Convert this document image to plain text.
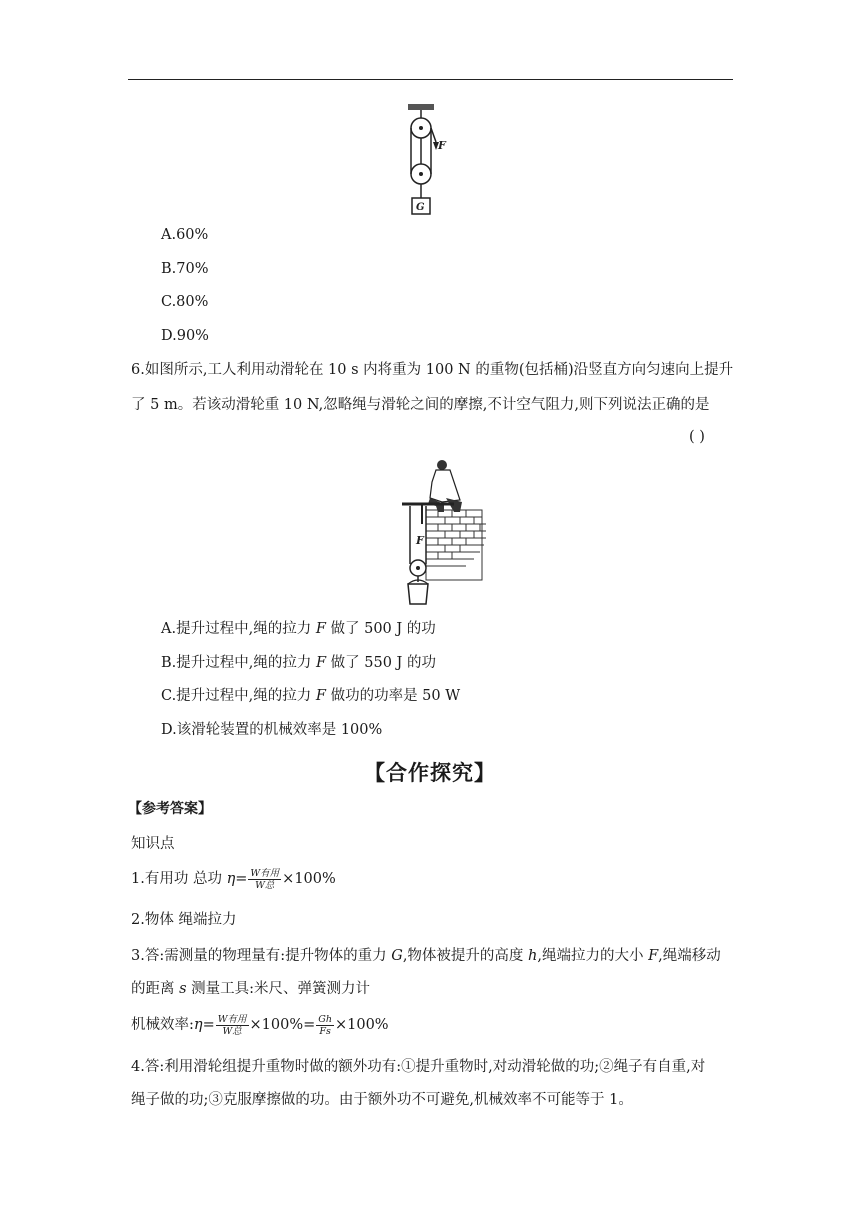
F
G
A.60%
B.70%
C.80%
D.90%
6.如图所示,工人利用动滑轮在 10 s 内将重为 100 N 的重物(包括桶)沿竖直方向匀速向上提升
了 5 m。若该动滑轮重 10 N,忽略绳与滑轮之间的摩擦,不计空气阻力,则下列说法正确的是
( )
F
A.提升过程中,绳的拉力 F 做了 500 J 的功
B.提升过程中,绳的拉力 F 做了 550 J 的功
C.提升过程中,绳的拉力 F 做功的功率是 50 W
D.该滑轮装置的机械效率是 100%
【合作探究】
【参考答案】
知识点
1.有用功 总功 $\eta= \frac{\text{W有用}}{\text{W总}} \times 100\%$
2.物体 绳端拉力
3.答:需测量的物理量有:提升物体的重力 G,物体被提升的高度 h,绳端拉力的大小 F,绳端移动
的距离 s 测量工具:米尺、弹簧测力计
机械效率:η= $\frac{\text{W有用}}{\text{W总}} \times 100\%= \frac{Gh}{Fs} \times 100\%$
4.答:利用滑轮组提升重物时做的额外功有:①提升重物时,对动滑轮做的功;②绳子有自重,对
绳子做的功;③克服摩擦做的功。由于额外功不可避免,机械效率不可能等于 1。
